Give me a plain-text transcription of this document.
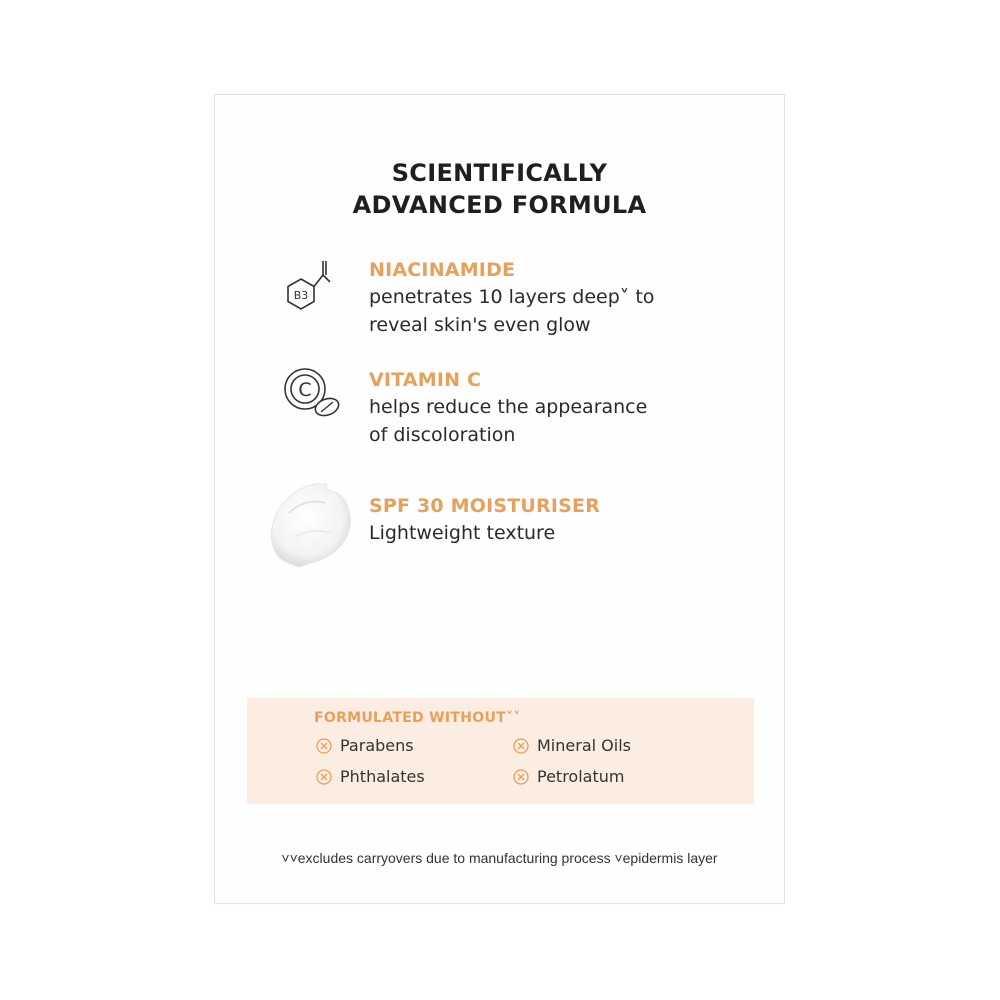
SCIENTIFICALLY
ADVANCED FORMULA
B3
NIACINAMIDE
penetrates 10 layers deep˅ to
reveal skin's even glow
C	VITAMIN C
helps reduce the appearance
of discoloration
SPF 30 MOISTURISER
Lightweight texture
FORMULATED WITHOUT˅˅
Parabens	Mineral Oils
Phthalates	Petrolatum
˅˅excludes carryovers due to manufacturing process ˅epidermis layer
